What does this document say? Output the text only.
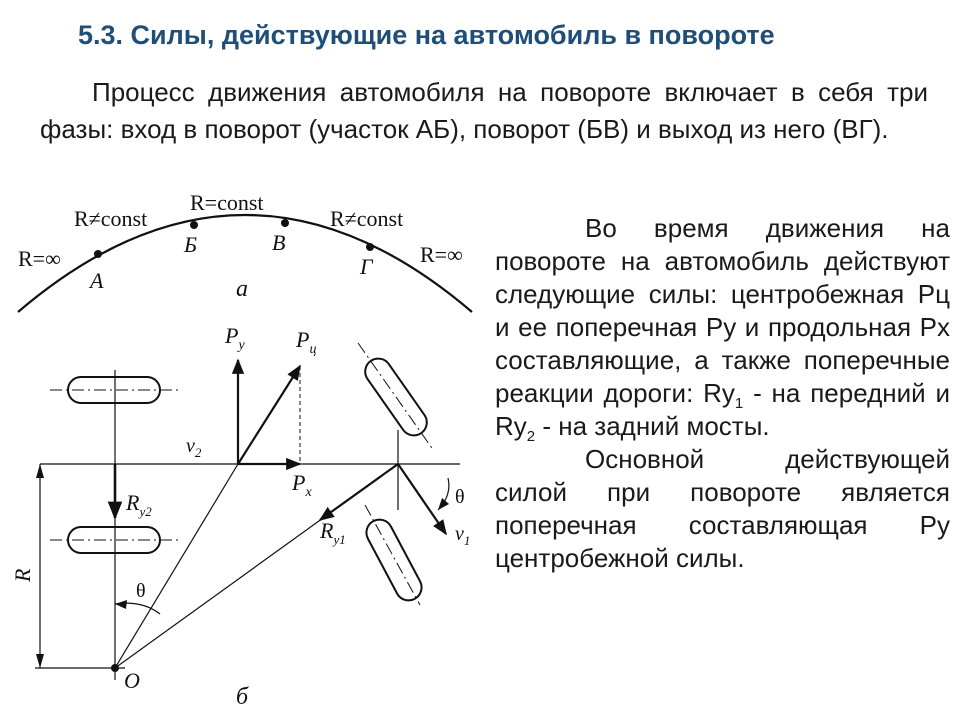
5.3. Силы, действующие на автомобиль в повороте
Процесс движения автомобиля на повороте включает в себя три фазы: вход в поворот (участок АБ), поворот (БВ) и выход из него (ВГ).

Во время движения на повороте на автомобиль действуют следующие силы: центробежная Рц и ее поперечная Ру и продольная Рх составляющие, а также поперечные реакции дороги: $Ry_1$ - на передний и $Ry_2$ - на задний мосты.

Основной действующей силой при повороте является поперечная составляющая Ру центробежной силы.

R=const
R≠const	R≠const
R=∞	R=∞
А
Б	В
Г
а
R
O
θ
$P_y$ $P_ц$
$P_x$
$v_2$
$R_{y2}$
$R_{y1}$	$v_1$
θ
б
